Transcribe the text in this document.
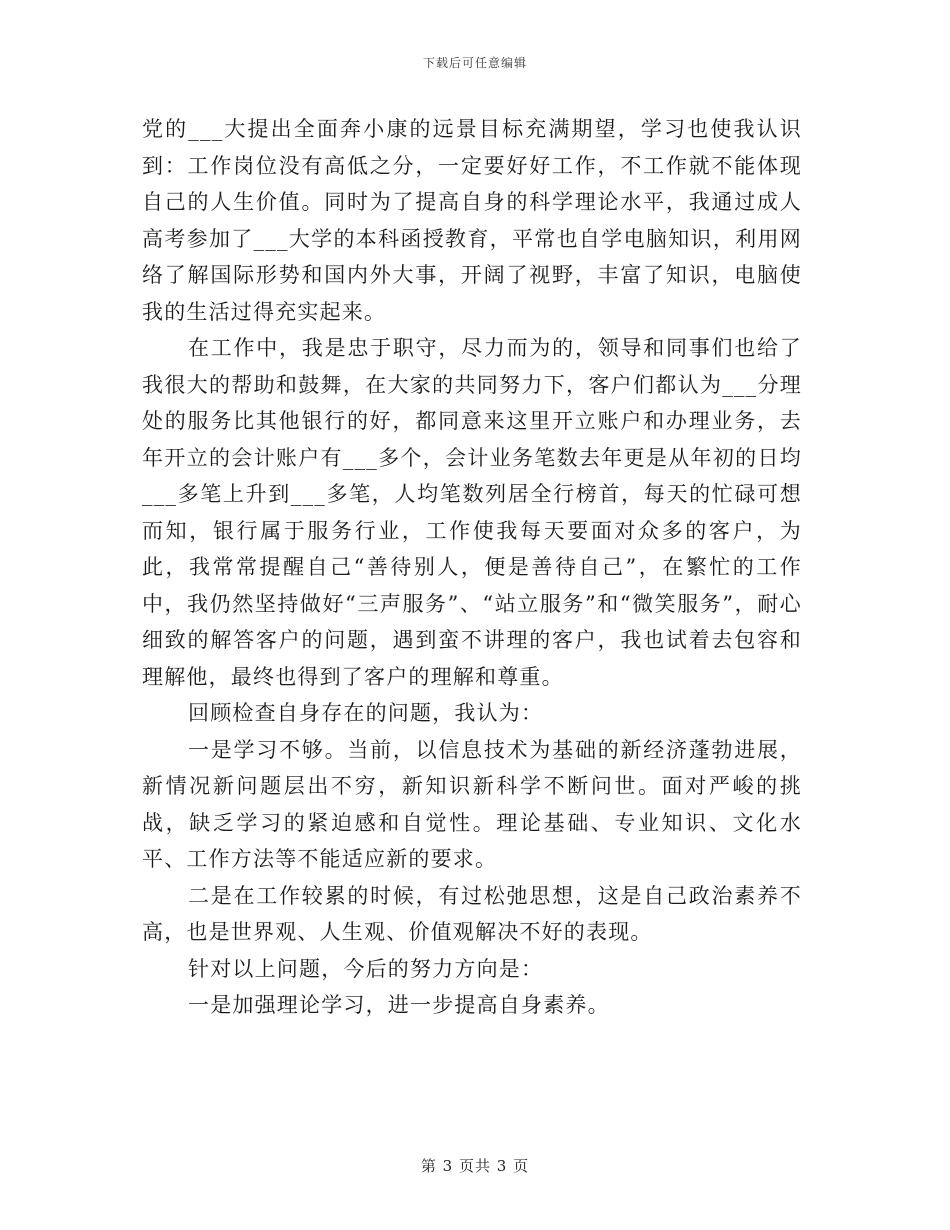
下载后可任意编辑

党的___大提出全面奔小康的远景目标充满期望，学习也使我认识到：工作岗位没有高低之分，一定要好好工作，不工作就不能体现自己的人生价值。同时为了提高自身的科学理论水平，我通过成人高考参加了___大学的本科函授教育，平常也自学电脑知识，利用网络了解国际形势和国内外大事，开阔了视野，丰富了知识，电脑使我的生活过得充实起来。

在工作中，我是忠于职守，尽力而为的，领导和同事们也给了我很大的帮助和鼓舞，在大家的共同努力下，客户们都认为___分理处的服务比其他银行的好，都同意来这里开立账户和办理业务，去年开立的会计账户有___多个，会计业务笔数去年更是从年初的日均___多笔上升到___多笔，人均笔数列居全行榜首，每天的忙碌可想而知，银行属于服务行业，工作使我每天要面对众多的客户，为此，我常常提醒自己“善待别人，便是善待自己”，在繁忙的工作中，我仍然坚持做好“三声服务”、“站立服务”和“微笑服务”，耐心细致的解答客户的问题，遇到蛮不讲理的客户，我也试着去包容和理解他，最终也得到了客户的理解和尊重。

回顾检查自身存在的问题，我认为：

一是学习不够。当前，以信息技术为基础的新经济蓬勃进展，新情况新问题层出不穷，新知识新科学不断问世。面对严峻的挑战，缺乏学习的紧迫感和自觉性。理论基础、专业知识、文化水平、工作方法等不能适应新的要求。

二是在工作较累的时候，有过松弛思想，这是自己政治素养不高，也是世界观、人生观、价值观解决不好的表现。

针对以上问题，今后的努力方向是：

一是加强理论学习，进一步提高自身素养。

第 3 页共 3 页
